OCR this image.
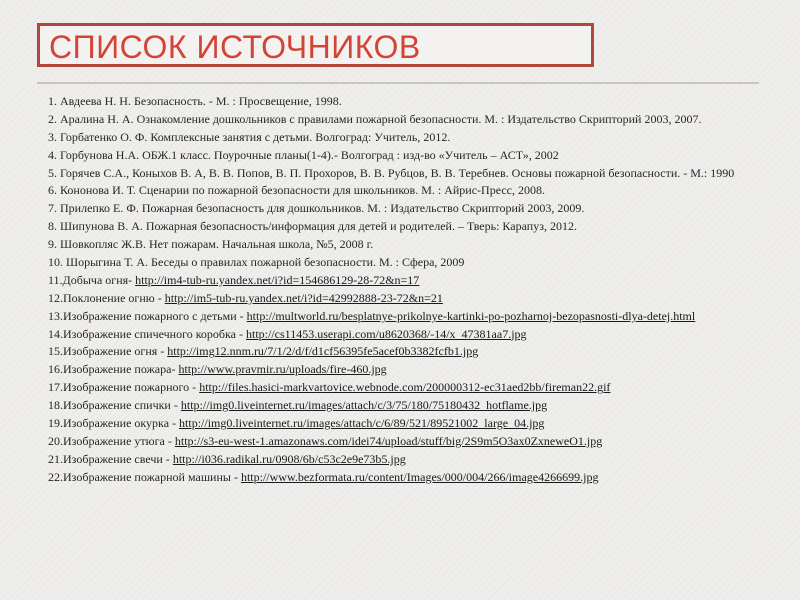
СПИСОК ИСТОЧНИКОВ
1. Авдеева Н. Н. Безопасность. - М. : Просвещение, 1998.
2. Аралина Н. А. Ознакомление дошкольников с правилами пожарной безопасности. М. : Издательство Скрипторий 2003, 2007.
3. Горбатенко О. Ф. Комплексные занятия с детьми. Волгоград: Учитель, 2012.
4. Горбунова Н.А. ОБЖ.1 класс. Поурочные планы(1-4).- Волгоград : изд-во «Учитель – АСТ», 2002
5. Горячев С.А., Коныхов В. А, В. В. Попов, В. П. Прохоров, В. В. Рубцов, В. В. Теребнев. Основы пожарной безопасности. - М.: 1990
6. Кононова И. Т. Сценарии по пожарной безопасности для школьников. М. : Айрис-Пресс, 2008.
7. Прилепко Е. Ф. Пожарная безопасность для дошкольников. М. : Издательство Скрипторий 2003, 2009.
8. Шипунова В. А. Пожарная безопасность/информация для детей и родителей. – Тверь: Карапуз, 2012.
9. Шовкопляс Ж.В. Нет пожарам. Начальная школа, №5, 2008 г.
10. Шорыгина Т. А. Беседы о правилах пожарной безопасности. М. : Сфера, 2009
11.Добыча огня- http://im4-tub-ru.yandex.net/i?id=154686129-28-72&n=17
12.Поклонение огню - http://im5-tub-ru.yandex.net/i?id=42992888-23-72&n=21
13.Изображение пожарного с детьми - http://multworld.ru/besplatnye-prikolnye-kartinki-po-pozharnoj-bezopasnosti-dlya-detej.html
14.Изображение спичечного коробка - http://cs11453.userapi.com/u8620368/-14/x_47381aa7.jpg
15.Изображение огня - http://img12.nnm.ru/7/1/2/d/f/d1cf56395fe5acef0b3382fcfb1.jpg
16.Изображение пожара- http://www.pravmir.ru/uploads/fire-460.jpg
17.Изображение пожарного - http://files.hasici-markvartovice.webnode.com/200000312-ec31aed2bb/fireman22.gif
18.Изображение спички - http://img0.liveinternet.ru/images/attach/c/3/75/180/75180432_hotflame.jpg
19.Изображение окурка - http://img0.liveinternet.ru/images/attach/c/6/89/521/89521002_large_04.jpg
20.Изображение утюга - http://s3-eu-west-1.amazonaws.com/idei74/upload/stuff/big/2S9m5O3ax0ZxneweO1.jpg
21.Изображение свечи - http://i036.radikal.ru/0908/6b/c53c2e9e73b5.jpg
22.Изображение пожарной машины - http://www.bezformata.ru/content/Images/000/004/266/image4266699.jpg
